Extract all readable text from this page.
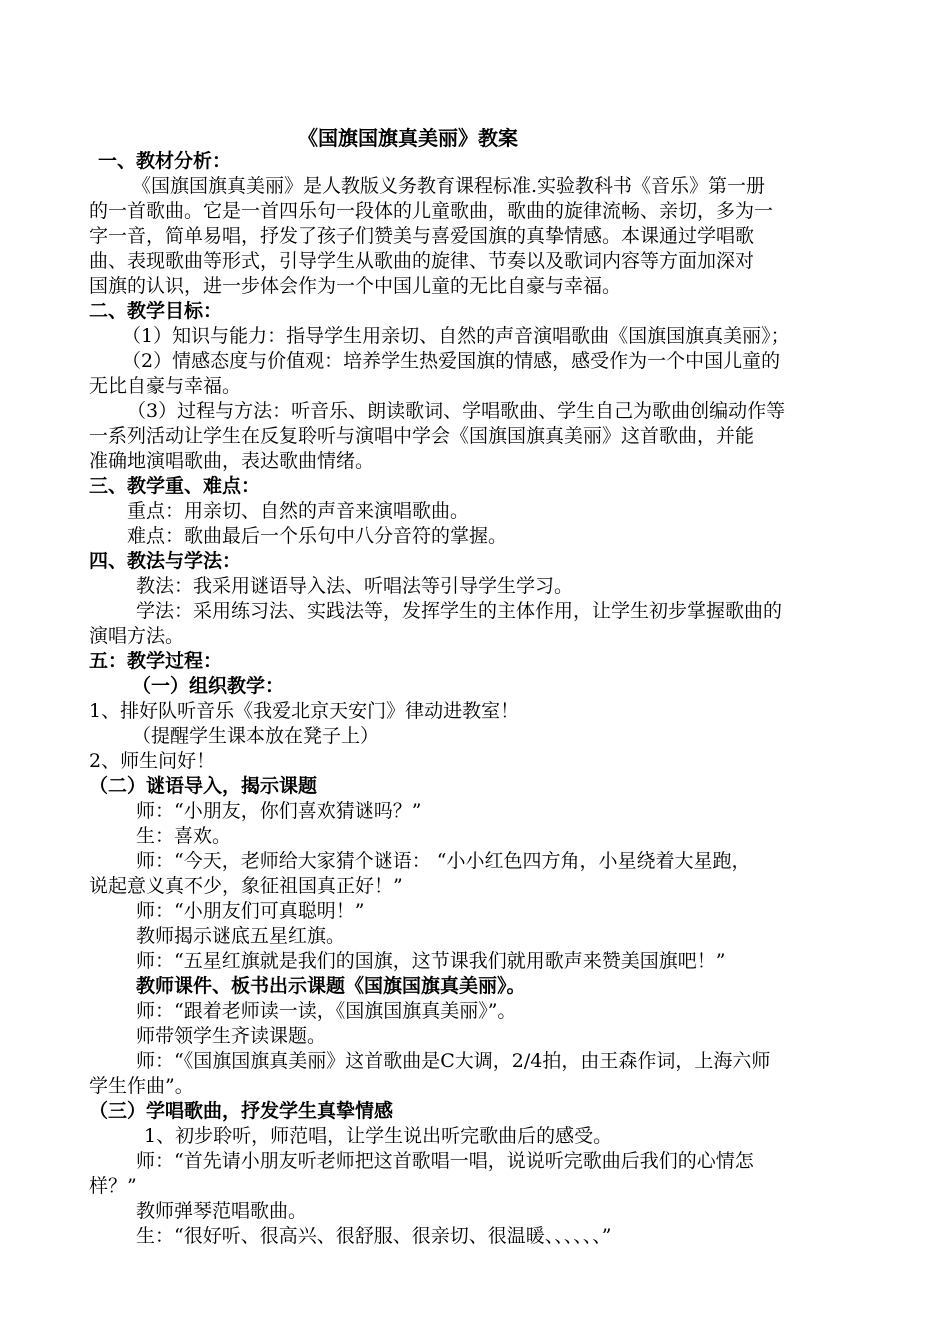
《国旗国旗真美丽》教案
一、教材分析：
《国旗国旗真美丽》是人教版义务教育课程标准.实验教科书《音乐》第一册
的一首歌曲。它是一首四乐句一段体的儿童歌曲，歌曲的旋律流畅、亲切，多为一
字一音，简单易唱，抒发了孩子们赞美与喜爱国旗的真挚情感。本课通过学唱歌
曲、表现歌曲等形式，引导学生从歌曲的旋律、节奏以及歌词内容等方面加深对
国旗的认识，进一步体会作为一个中国儿童的无比自豪与幸福。
二、教学目标：
（1）知识与能力：指导学生用亲切、自然的声音演唱歌曲《国旗国旗真美丽》；
（2）情感态度与价值观：培养学生热爱国旗的情感，感受作为一个中国儿童的
无比自豪与幸福。
（3）过程与方法：听音乐、朗读歌词、学唱歌曲、学生自己为歌曲创编动作等
一系列活动让学生在反复聆听与演唱中学会《国旗国旗真美丽》这首歌曲，并能
准确地演唱歌曲，表达歌曲情绪。
三、教学重、难点：
重点：用亲切、自然的声音来演唱歌曲。
难点：歌曲最后一个乐句中八分音符的掌握。
四、教法与学法：
教法：我采用谜语导入法、听唱法等引导学生学习。
学法：采用练习法、实践法等，发挥学生的主体作用，让学生初步掌握歌曲的
演唱方法。
五：教学过程：
（一）组织教学：
1、排好队听音乐《我爱北京天安门》律动进教室！
（提醒学生课本放在凳子上）
2、师生问好！
（二）谜语导入，揭示课题
师：“小朋友，你们喜欢猜谜吗？”
生：喜欢。
师：“今天，老师给大家猜个谜语： “小小红色四方角，小星绕着大星跑，
说起意义真不少，象征祖国真正好！”
师：“小朋友们可真聪明！”
教师揭示谜底五星红旗。
师：“五星红旗就是我们的国旗，这节课我们就用歌声来赞美国旗吧！”
教师课件、板书出示课题《国旗国旗真美丽》。
师：“跟着老师读一读，《国旗国旗真美丽》”。
师带领学生齐读课题。
师：“《国旗国旗真美丽》这首歌曲是C大调，2/4拍，由王森作词，上海六师
学生作曲”。
（三）学唱歌曲，抒发学生真挚情感
1、初步聆听，师范唱，让学生说出听完歌曲后的感受。
师：“首先请小朋友听老师把这首歌唱一唱，说说听完歌曲后我们的心情怎
样？”
教师弹琴范唱歌曲。
生：“很好听、很高兴、很舒服、很亲切、很温暖、、、、、、”
